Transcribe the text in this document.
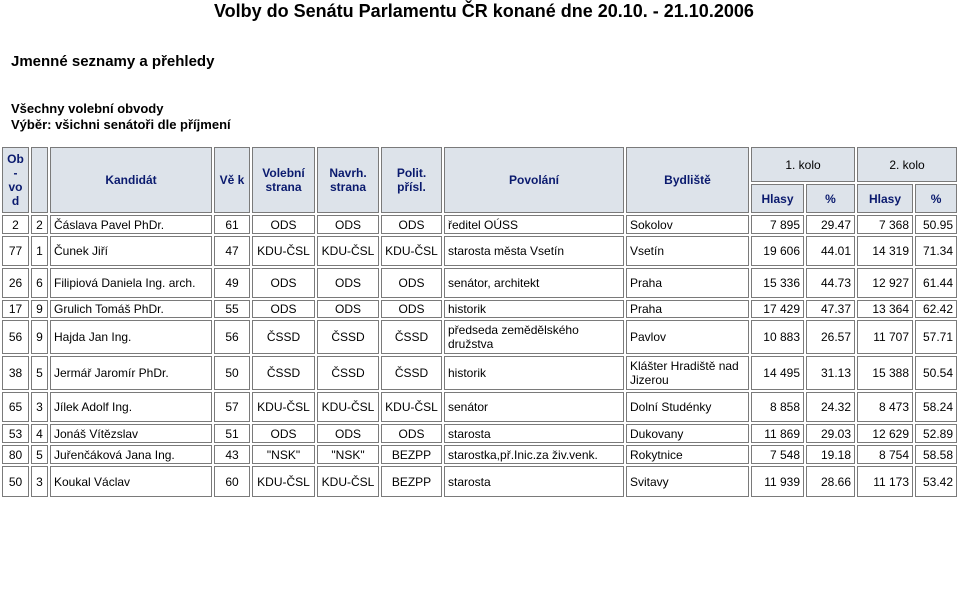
Volby do Senátu Parlamentu ČR konané dne 20.10. - 21.10.2006
Jmenné seznamy a přehledy
Všechny volební obvody
Výběr: všichni senátoři dle příjmení
Ob - vo d		Kandidát	Vě k	Volební strana	Navrh. strana	Polit. přísl.	Povolání	Bydliště	1. kolo		2. kolo	
									Hlasy	%	Hlasy	%
2	2	Čáslava Pavel PhDr.	61	ODS	ODS	ODS	ředitel OÚSS	Sokolov	7 895	29.47	7 368	50.95
77	1	Čunek Jiří	47	KDU-ČSL	KDU-ČSL	KDU-ČSL	starosta města Vsetín	Vsetín	19 606	44.01	14 319	71.34
26	6	Filipiová Daniela Ing. arch.	49	ODS	ODS	ODS	senátor, architekt	Praha	15 336	44.73	12 927	61.44
17	9	Grulich Tomáš PhDr.	55	ODS	ODS	ODS	historik	Praha	17 429	47.37	13 364	62.42
56	9	Hajda Jan Ing.	56	ČSSD	ČSSD	ČSSD	předseda zemědělského družstva	Pavlov	10 883	26.57	11 707	57.71
38	5	Jermář Jaromír PhDr.	50	ČSSD	ČSSD	ČSSD	historik	Klášter Hradiště nad Jizerou	14 495	31.13	15 388	50.54
65	3	Jílek Adolf Ing.	57	KDU-ČSL	KDU-ČSL	KDU-ČSL	senátor	Dolní Studénky	8 858	24.32	8 473	58.24
53	4	Jonáš Vítězslav	51	ODS	ODS	ODS	starosta	Dukovany	11 869	29.03	12 629	52.89
80	5	Juřenčáková Jana Ing.	43	"NSK"	"NSK"	BEZPP	starostka,př.Inic.za živ.venk.	Rokytnice	7 548	19.18	8 754	58.58
50	3	Koukal Václav	60	KDU-ČSL	KDU-ČSL	BEZPP	starosta	Svitavy	11 939	28.66	11 173	53.42
